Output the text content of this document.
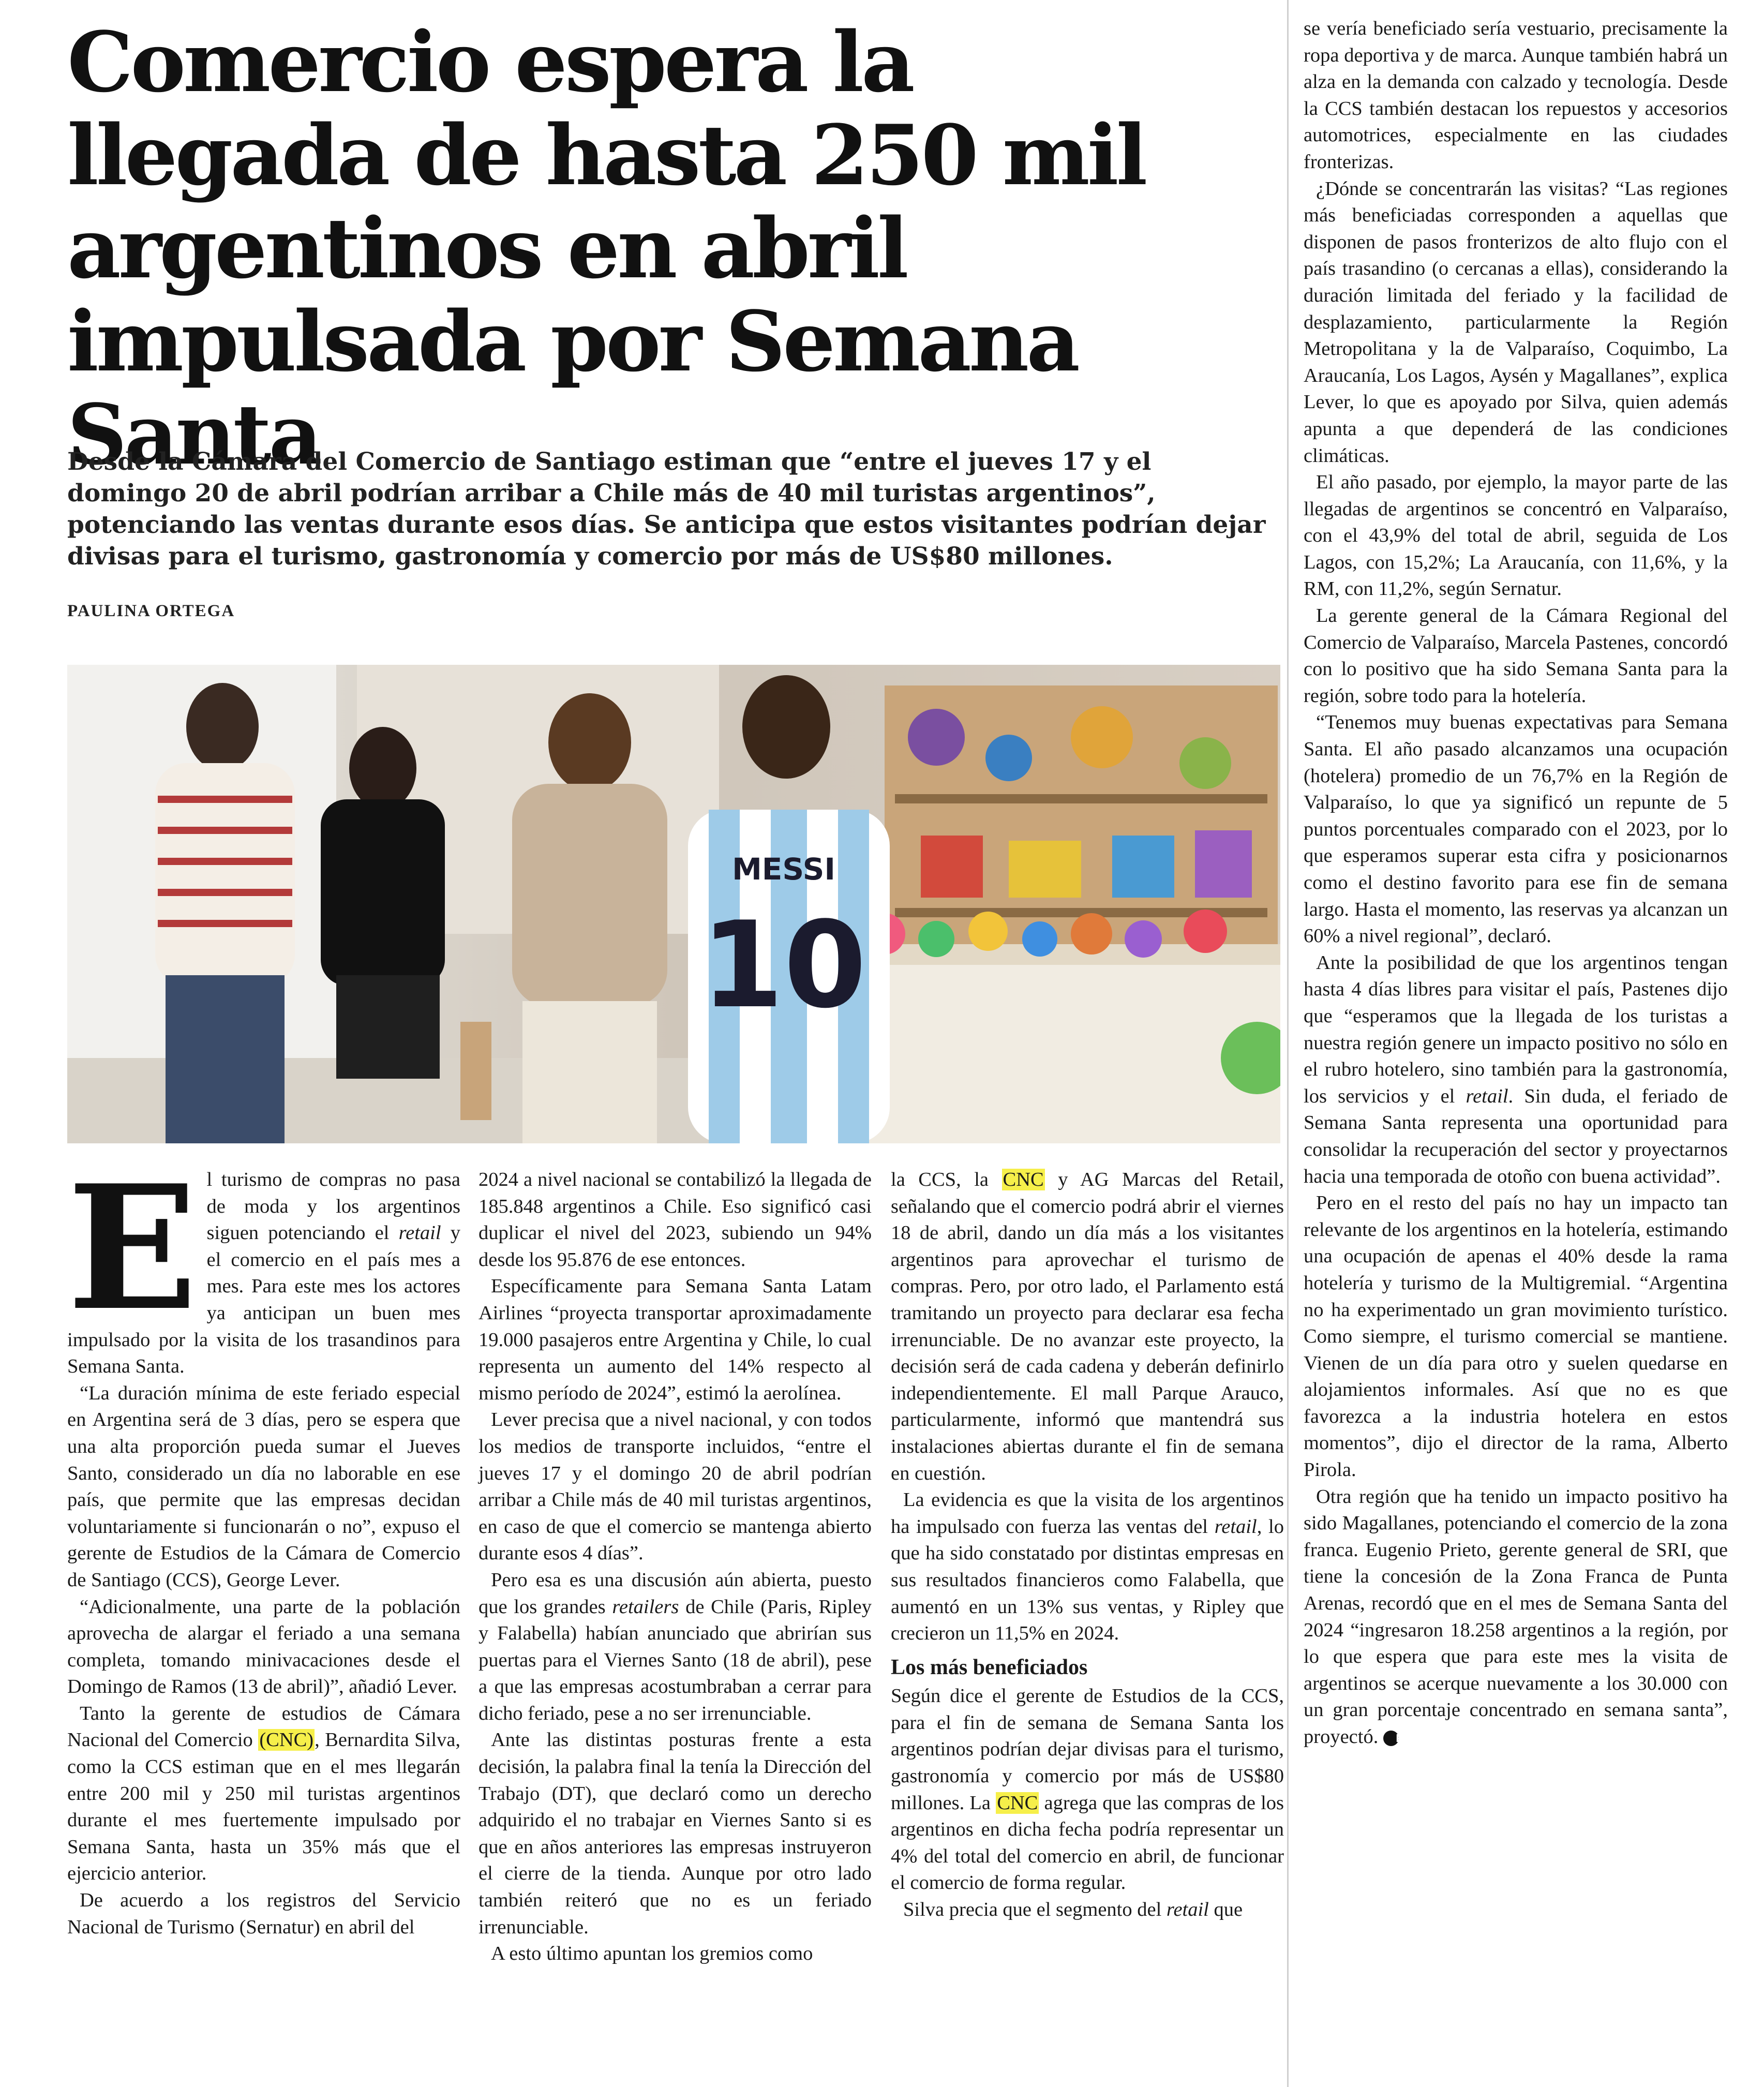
Comercio espera la llegada de hasta 250 mil argentinos en abril impulsada por Semana Santa

Desde la Cámara del Comercio de Santiago estiman que “entre el jueves 17 y el domingo 20 de abril podrían arribar a Chile más de 40 mil turistas argentinos”, potenciando las ventas durante esos días. Se anticipa que estos visitantes podrían dejar divisas para el turismo, gastronomía y comercio por más de US$80 millones.

PAULINA ORTEGA
MESSI
10

El turismo de compras no pasa de moda y los argentinos siguen potenciando el retail y el comercio en el país mes a mes. Para este mes los actores ya anticipan un buen mes impulsado por la visita de los trasandinos para Semana Santa.

“La duración mínima de este feriado especial en Argentina será de 3 días, pero se espera que una alta proporción pueda sumar el Jueves Santo, considerado un día no laborable en ese país, que permite que las empresas decidan voluntariamente si funcionarán o no”, expuso el gerente de Estudios de la Cámara de Comercio de Santiago (CCS), George Lever.

“Adicionalmente, una parte de la población aprovecha de alargar el feriado a una semana completa, tomando minivacaciones desde el Domingo de Ramos (13 de abril)”, añadió Lever.

Tanto la gerente de estudios de Cámara Nacional del Comercio (CNC), Bernardita Silva, como la CCS estiman que en el mes llegarán entre 200 mil y 250 mil turistas argentinos durante el mes fuertemente impulsado por Semana Santa, hasta un 35% más que el ejercicio anterior.

De acuerdo a los registros del Servicio Nacional de Turismo (Sernatur) en abril del

2024 a nivel nacional se contabilizó la llegada de 185.848 argentinos a Chile. Eso significó casi duplicar el nivel del 2023, subiendo un 94% desde los 95.876 de ese entonces.

Específicamente para Semana Santa Latam Airlines “proyecta transportar aproximadamente 19.000 pasajeros entre Argentina y Chile, lo cual representa un aumento del 14% respecto al mismo período de 2024”, estimó la aerolínea.

Lever precisa que a nivel nacional, y con todos los medios de transporte incluidos, “entre el jueves 17 y el domingo 20 de abril podrían arribar a Chile más de 40 mil turistas argentinos, en caso de que el comercio se mantenga abierto durante esos 4 días”.

Pero esa es una discusión aún abierta, puesto que los grandes retailers de Chile (Paris, Ripley y Falabella) habían anunciado que abrirían sus puertas para el Viernes Santo (18 de abril), pese a que las empresas acostumbraban a cerrar para dicho feriado, pese a no ser irrenunciable.

Ante las distintas posturas frente a esta decisión, la palabra final la tenía la Dirección del Trabajo (DT), que declaró como un derecho adquirido el no trabajar en Viernes Santo si es que en años anteriores las empresas instruyeron el cierre de la tienda. Aunque por otro lado también reiteró que no es un feriado irrenunciable.

A esto último apuntan los gremios como

la CCS, la CNC y AG Marcas del Retail, señalando que el comercio podrá abrir el viernes 18 de abril, dando un día más a los visitantes argentinos para aprovechar el turismo de compras. Pero, por otro lado, el Parlamento está tramitando un proyecto para declarar esa fecha irrenunciable. De no avanzar este proyecto, la decisión será de cada cadena y deberán definirlo independientemente. El mall Parque Arauco, particularmente, informó que mantendrá sus instalaciones abiertas durante el fin de semana en cuestión.

La evidencia es que la visita de los argentinos ha impulsado con fuerza las ventas del retail, lo que ha sido constatado por distintas empresas en sus resultados financieros como Falabella, que aumentó en un 13% sus ventas, y Ripley que crecieron un 11,5% en 2024.

Los más beneficiados

Según dice el gerente de Estudios de la CCS, para el fin de semana de Semana Santa los argentinos podrían dejar divisas para el turismo, gastronomía y comercio por más de US$80 millones. La CNC agrega que las compras de los argentinos en dicha fecha podría representar un 4% del total del comercio en abril, de funcionar el comercio de forma regular.

Silva precia que el segmento del retail que

se vería beneficiado sería vestuario, precisamente la ropa deportiva y de marca. Aunque también habrá un alza en la demanda con calzado y tecnología. Desde la CCS también destacan los repuestos y accesorios automotrices, especialmente en las ciudades fronterizas.

¿Dónde se concentrarán las visitas? “Las regiones más beneficiadas corresponden a aquellas que disponen de pasos fronterizos de alto flujo con el país trasandino (o cercanas a ellas), considerando la duración limitada del feriado y la facilidad de desplazamiento, particularmente la Región Metropolitana y la de Valparaíso, Coquimbo, La Araucanía, Los Lagos, Aysén y Magallanes”, explica Lever, lo que es apoyado por Silva, quien además apunta a que dependerá de las condiciones climáticas.

El año pasado, por ejemplo, la mayor parte de las llegadas de argentinos se concentró en Valparaíso, con el 43,9% del total de abril, seguida de Los Lagos, con 15,2%; La Araucanía, con 11,6%, y la RM, con 11,2%, según Sernatur.

La gerente general de la Cámara Regional del Comercio de Valparaíso, Marcela Pastenes, concordó con lo positivo que ha sido Semana Santa para la región, sobre todo para la hotelería.

“Tenemos muy buenas expectativas para Semana Santa. El año pasado alcanzamos una ocupación (hotelera) promedio de un 76,7% en la Región de Valparaíso, lo que ya significó un repunte de 5 puntos porcentuales comparado con el 2023, por lo que esperamos superar esta cifra y posicionarnos como el destino favorito para ese fin de semana largo. Hasta el momento, las reservas ya alcanzan un 60% a nivel regional”, declaró.

Ante la posibilidad de que los argentinos tengan hasta 4 días libres para visitar el país, Pastenes dijo que “esperamos que la llegada de los turistas a nuestra región genere un impacto positivo no sólo en el rubro hotelero, sino también para la gastronomía, los servicios y el retail. Sin duda, el feriado de Semana Santa representa una oportunidad para consolidar la recuperación del sector y proyectarnos hacia una temporada de otoño con buena actividad”.

Pero en el resto del país no hay un impacto tan relevante de los argentinos en la hotelería, estimando una ocupación de apenas el 40% desde la rama hotelería y turismo de la Multigremial. “Argentina no ha experimentado un gran movimiento turístico. Como siempre, el turismo comercial se mantiene. Vienen de un día para otro y suelen quedarse en alojamientos informales. Así que no es que favorezca a la industria hotelera en estos momentos”, dijo el director de la rama, Alberto Pirola.

Otra región que ha tenido un impacto positivo ha sido Magallanes, potenciando el comercio de la zona franca. Eugenio Prieto, gerente general de SRI, que tiene la concesión de la Zona Franca de Punta Arenas, recordó que en el mes de Semana Santa del 2024 “ingresaron 18.258 argentinos a la región, por lo que espera que para este mes la visita de argentinos se acerque nuevamente a los 30.000 con un gran porcentaje concentrado en semana santa”, proyectó. P
